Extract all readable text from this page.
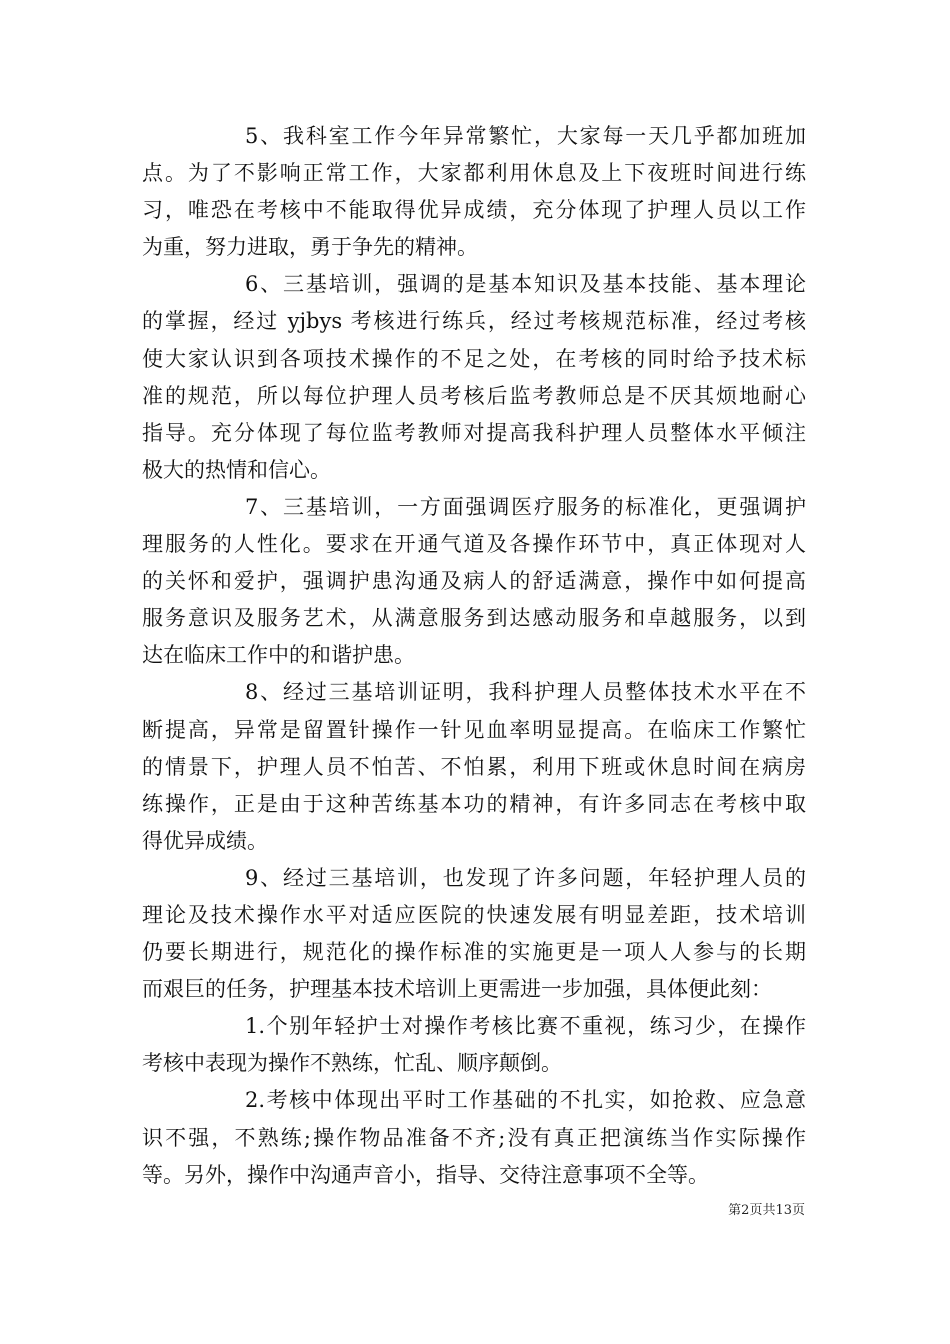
5、我科室工作今年异常繁忙，大家每一天几乎都加班加
点。为了不影响正常工作，大家都利用休息及上下夜班时间进行练
习，唯恐在考核中不能取得优异成绩，充分体现了护理人员以工作
为重，努力进取，勇于争先的精神。
6、三基培训，强调的是基本知识及基本技能、基本理论
的掌握，经过 yjbys 考核进行练兵，经过考核规范标准，经过考核
使大家认识到各项技术操作的不足之处，在考核的同时给予技术标
准的规范，所以每位护理人员考核后监考教师总是不厌其烦地耐心
指导。充分体现了每位监考教师对提高我科护理人员整体水平倾注
极大的热情和信心。
7、三基培训，一方面强调医疗服务的标准化，更强调护
理服务的人性化。要求在开通气道及各操作环节中，真正体现对人
的关怀和爱护，强调护患沟通及病人的舒适满意，操作中如何提高
服务意识及服务艺术，从满意服务到达感动服务和卓越服务，以到
达在临床工作中的和谐护患。
8、经过三基培训证明，我科护理人员整体技术水平在不
断提高，异常是留置针操作一针见血率明显提高。在临床工作繁忙
的情景下，护理人员不怕苦、不怕累，利用下班或休息时间在病房
练操作，正是由于这种苦练基本功的精神，有许多同志在考核中取
得优异成绩。
9、经过三基培训，也发现了许多问题，年轻护理人员的
理论及技术操作水平对适应医院的快速发展有明显差距，技术培训
仍要长期进行，规范化的操作标准的实施更是一项人人参与的长期
而艰巨的任务，护理基本技术培训上更需进一步加强，具体便此刻：
1.个别年轻护士对操作考核比赛不重视，练习少，在操作
考核中表现为操作不熟练，忙乱、顺序颠倒。
2.考核中体现出平时工作基础的不扎实，如抢救、应急意
识不强，不熟练;操作物品准备不齐;没有真正把演练当作实际操作
等。另外，操作中沟通声音小，指导、交待注意事项不全等。
第2页共13页
